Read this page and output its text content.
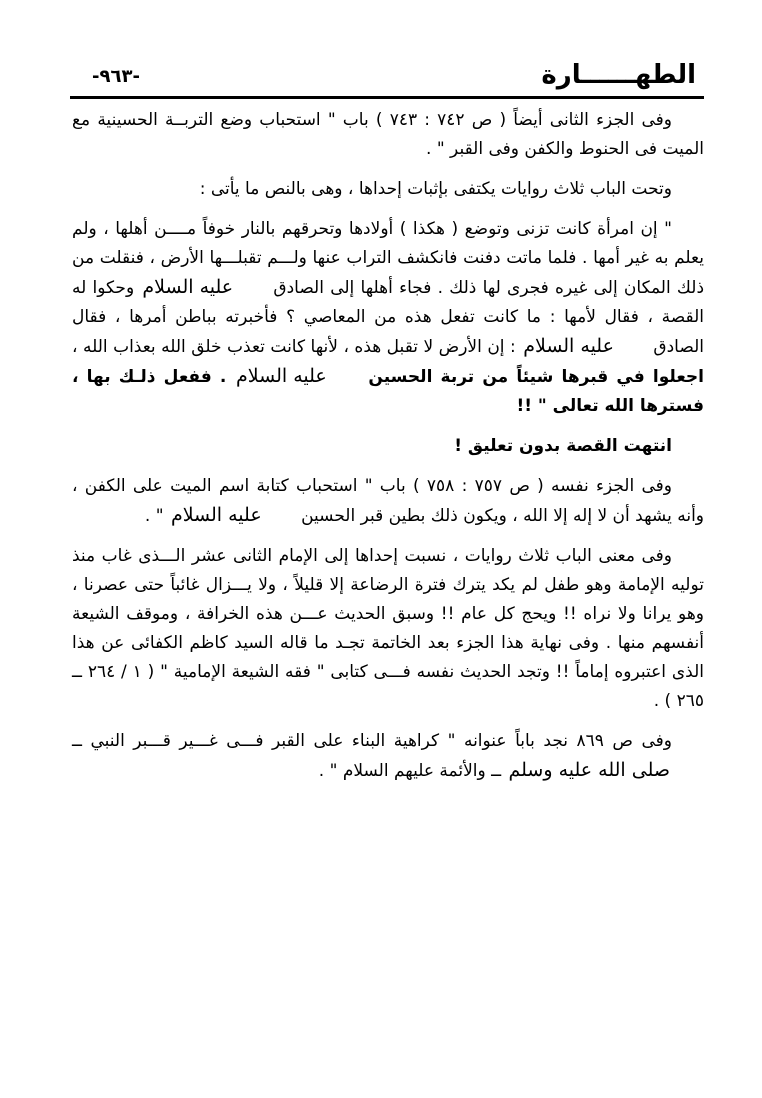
-٩٦٣-	الطهــــــارة

وفى الجزء الثانى أيضاً ( ص ٧٤٢ : ٧٤٣ ) باب " استحباب وضع التربــة الحسينية مع الميت فى الحنوط والكفن وفى القبر " .

وتحت الباب ثلاث روايات يكتفى بإثبات إحداها ، وهى بالنص ما يأتى :

" إن امرأة كانت تزنى وتوضع ( هكذا ) أولادها وتحرقهم بالنار خوفاً مــــن أهلها ، ولم يعلم به غير أمها . فلما ماتت دفنت فانكشف التراب عنها ولـــم تقبلـــها الأرض ، فنقلت من ذلك المكان إلى غيره فجرى لها ذلك . فجاء أهلها إلى الصادق عليه السلام وحكوا له القصة ، فقال لأمها : ما كانت تفعل هذه من المعاصي ؟ فأخبرته بباطن أمرها ، فقال الصادق عليه السلام : إن الأرض لا تقبل هذه ، لأنها كانت تعذب خلق الله بعذاب الله ، اجعلوا في قبرها شيئاً من تربة الحسين عليه السلام . ففعل ذلـك بها ، فسترها الله تعالى " !!

انتهت القصة بدون تعليق !

وفى الجزء نفسه ( ص ٧٥٧ : ٧٥٨ ) باب " استحباب كتابة اسم الميت على الكفن ، وأنه يشهد أن لا إله إلا الله ، ويكون ذلك بطين قبر الحسين عليه السلام " .

وفى معنى الباب ثلاث روايات ، نسبت إحداها إلى الإمام الثانى عشر الـــذى غاب منذ توليه الإمامة وهو طفل لم يكد يترك فترة الرضاعة إلا قليلاً ، ولا يـــزال غائباً حتى عصرنا ، وهو يرانا ولا نراه !! ويحج كل عام !! وسبق الحديث عـــن هذه الخرافة ، وموقف الشيعة أنفسهم منها . وفى نهاية هذا الجزء بعد الخاتمة تجـد ما قاله السيد كاظم الكفائى عن هذا الذى اعتبروه إماماً !! وتجد الحديث نفسه فـــى كتابى " فقه الشيعة الإمامية " ( ١ / ٢٦٤ ــ ٢٦٥ ) .

وفى ص ٨٦٩ نجد باباً عنوانه " كراهية البناء على القبر فـــى غـــير قـــبر النبي ــ صلى الله عليه وسلم ــ والأئمة عليهم السلام " .
